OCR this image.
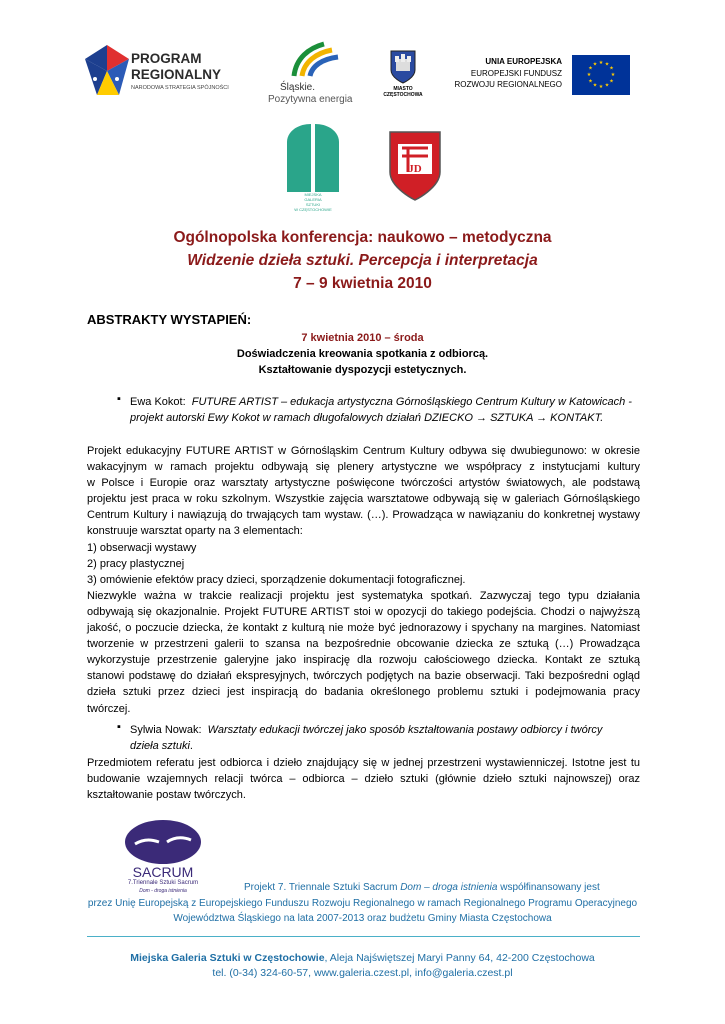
PROGRAM
REGIONALNY
NARODOWA STRATEGIA SPÓJNOŚCI	Śląskie.
Pozytywna energia
MIASTO
CZĘSTOCHOWA
UNIA EUROPEJSKA
EUROPEJSKI FUNDUSZ
ROZWOJU REGIONALNEGO
★ ★
★
★
★
★
★
★
★
★
★
★
MIEJSKA
GALERIA
SZTUKI
W CZĘSTOCHOWIE
JD
Ogólnopolska konferencja: naukowo – metodyczna
Widzenie dzieła sztuki. Percepcja i interpretacja
7 – 9 kwietnia 2010
ABSTRAKTY WYSTAPIEŃ:
7 kwietnia 2010 – środa
Doświadczenia kreowania spotkania z odbiorcą.
Kształtowanie dyspozycji estetycznych.
▪ Ewa Kokot: FUTURE ARTIST – edukacja artystyczna Górnośląskiego Centrum Kultury w Katowicach -
projekt autorski Ewy Kokot w ramach długofalowych działań DZIECKO → SZTUKA → KONTAKT.
Projekt edukacyjny FUTURE ARTIST w Górnośląskim Centrum Kultury odbywa się dwubiegunowo: w okresie
wakacyjnym w ramach projektu odbywają się plenery artystyczne we współpracy z instytucjami kultury
w Polsce i Europie oraz warsztaty artystyczne poświęcone twórczości artystów światowych, ale podstawą
projektu jest praca w roku szkolnym. Wszystkie zajęcia warsztatowe odbywają się w galeriach Górnośląskiego
Centrum Kultury i nawiązują do trwających tam wystaw. (…). Prowadząca w nawiązaniu do konkretnej wystawy
konstruuje warsztat oparty na 3 elementach:
1) obserwacji wystawy
2) pracy plastycznej
3) omówienie efektów pracy dzieci, sporządzenie dokumentacji fotograficznej.
Niezwykle ważna w trakcie realizacji projektu jest systematyka spotkań. Zazwyczaj tego typu działania
odbywają się okazjonalnie. Projekt FUTURE ARTIST stoi w opozycji do takiego podejścia. Chodzi o najwyższą
jakość, o poczucie dziecka, że kontakt z kulturą nie może być jednorazowy i spychany na margines. Natomiast
tworzenie w przestrzeni galerii to szansa na bezpośrednie obcowanie dziecka ze sztuką (…) Prowadząca
wykorzystuje przestrzenie galeryjne jako inspirację dla rozwoju całościowego dziecka. Kontakt ze sztuką
stanowi podstawę do działań ekspresyjnych, twórczych podjętych na bazie obserwacji. Taki bezpośredni ogląd
dzieła sztuki przez dzieci jest inspiracją do badania określonego problemu sztuki i podejmowania pracy
twórczej.
▪ Sylwia Nowak: Warsztaty edukacji twórczej jako sposób kształtowania postawy odbiorcy i twórcy
dzieła sztuki.
Przedmiotem referatu jest odbiorca i dzieło znajdujący się w jednej przestrzeni wystawienniczej. Istotne jest tu
budowanie wzajemnych relacji twórca – odbiorca – dzieło sztuki (głównie dzieło sztuki najnowszej) oraz
kształtowanie postaw twórczych.
SACRUM
7.Triennale Sztuki Sacrum
Dom - droga istnienia	Projekt 7. Triennale Sztuki Sacrum Dom – droga istnienia współfinansowany jest
przez Unię Europejską z Europejskiego Funduszu Rozwoju Regionalnego w ramach Regionalnego Programu Operacyjnego
Województwa Śląskiego na lata 2007-2013 oraz budżetu Gminy Miasta Częstochowa
Miejska Galeria Sztuki w Częstochowie, Aleja Najświętszej Maryi Panny 64, 42-200 Częstochowa
tel. (0-34) 324-60-57, www.galeria.czest.pl, info@galeria.czest.pl
